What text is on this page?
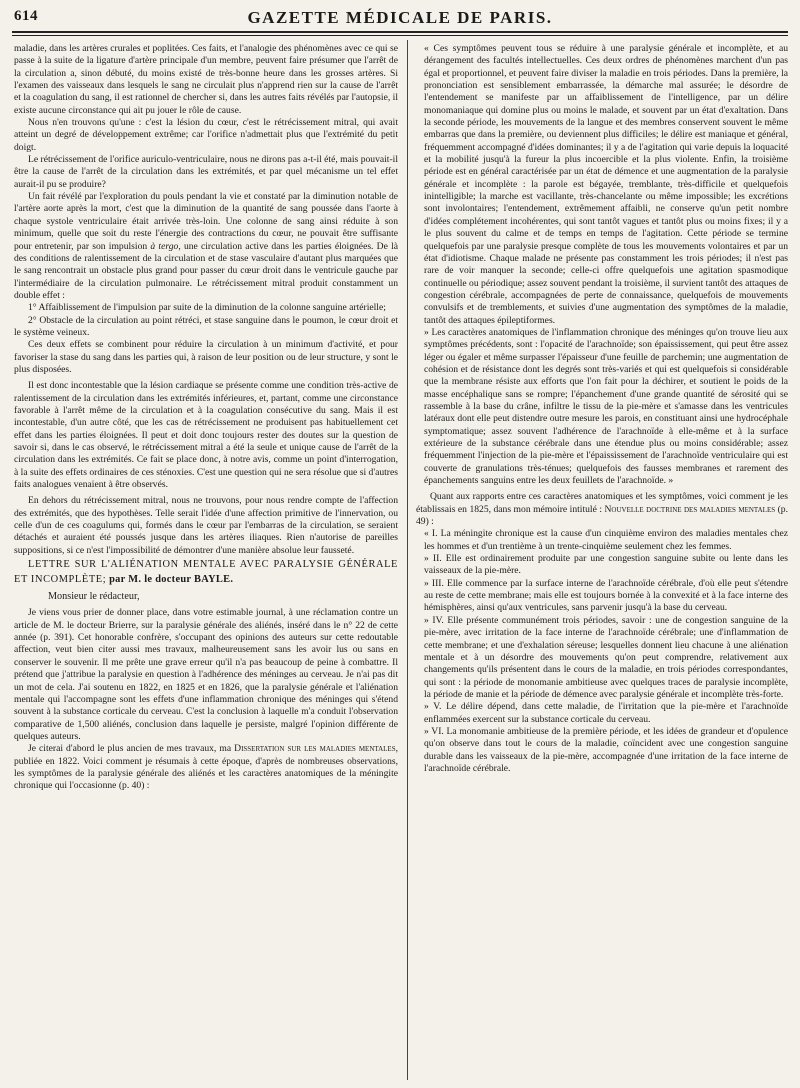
614	GAZETTE MÉDICALE DE PARIS.

maladie, dans les artères crurales et poplitées. Ces faits, et l'analogie des phénomènes avec ce qui se passe à la suite de la ligature d'artère principale d'un membre, peuvent faire présumer que l'arrêt de la circulation a, sinon débuté, du moins existé de très-bonne heure dans les grosses artères. Si l'examen des vaisseaux dans lesquels le sang ne circulait plus n'apprend rien sur la cause de l'arrêt et la coagulation du sang, il est rationnel de chercher si, dans les autres faits révélés par l'autopsie, il existe aucune circonstance qui ait pu jouer le rôle de cause.

Nous n'en trouvons qu'une : c'est la lésion du cœur, c'est le rétrécissement mitral, qui avait atteint un degré de développement extrême; car l'orifice n'admettait plus que l'extrémité du petit doigt.

Le rétrécissement de l'orifice auriculo-ventriculaire, nous ne dirons pas a-t-il été, mais pouvait-il être la cause de l'arrêt de la circulation dans les extrémités, et par quel mécanisme un tel effet aurait-il pu se produire?

Un fait révélé par l'exploration du pouls pendant la vie et constaté par la diminution notable de l'artère aorte après la mort, c'est que la diminution de la quantité de sang poussée dans l'aorte à chaque systole ventriculaire était arrivée très-loin. Une colonne de sang ainsi réduite à son minimum, quelle que soit du reste l'énergie des contractions du cœur, ne pouvait être suffisante pour entretenir, par son impulsion à tergo, une circulation active dans les parties éloignées. De là des conditions de ralentissement de la circulation et de stase vasculaire d'autant plus marquées que le sang rencontrait un obstacle plus grand pour passer du cœur droit dans le ventricule gauche par l'intermédiaire de la circulation pulmonaire. Le rétrécissement mitral produit constamment un double effet :

1° Affaiblissement de l'impulsion par suite de la diminution de la colonne sanguine artérielle;

2° Obstacle de la circulation au point rétréci, et stase sanguine dans le poumon, le cœur droit et le système veineux.

Ces deux effets se combinent pour réduire la circulation à un minimum d'activité, et pour favoriser la stase du sang dans les parties qui, à raison de leur position ou de leur structure, y sont le plus disposées.

Il est donc incontestable que la lésion cardiaque se présente comme une condition très-active de ralentissement de la circulation dans les extrémités inférieures, et, partant, comme une circonstance favorable à l'arrêt même de la circulation et à la coagulation consécutive du sang. Mais il est incontestable, d'un autre côté, que les cas de rétrécissement ne produisent pas habituellement cet effet dans les parties éloignées. Il peut et doit donc toujours rester des doutes sur la question de savoir si, dans le cas observé, le rétrécissement mitral a été la seule et unique cause de l'arrêt de la circulation dans les extrémités. Ce fait se place donc, à notre avis, comme un point d'interrogation, à la suite des effets ordinaires de ces sténoxies. C'est une question qui ne sera résolue que si d'autres faits analogues venaient à être observés.

En dehors du rétrécissement mitral, nous ne trouvons, pour nous rendre compte de l'affection des extrémités, que des hypothèses. Telle serait l'idée d'une affection primitive de l'innervation, ou celle d'un de ces coagulums qui, formés dans le cœur par l'embarras de la circulation, se seraient détachés et auraient été poussés jusque dans les artères iliaques. Rien n'autorise de pareilles suppositions, si ce n'est l'impossibilité de démontrer d'une manière absolue leur fausseté.

LETTRE SUR L'ALIÉNATION MENTALE AVEC PARALYSIE GÉNÉRALE ET INCOMPLÈTE; par M. le docteur BAYLE.

Monsieur le rédacteur,

Je viens vous prier de donner place, dans votre estimable journal, à une réclamation contre un article de M. le docteur Brierre, sur la paralysie générale des aliénés, inséré dans le n° 22 de cette année (p. 391). Cet honorable confrère, s'occupant des opinions des auteurs sur cette redoutable affection, veut bien citer aussi mes travaux, malheureusement sans les avoir lus ou sans en conserver le souvenir. Il me prête une grave erreur qu'il n'a pas beaucoup de peine à combattre. Il prétend que j'attribue la paralysie en question à l'adhérence des méninges au cerveau. Je n'ai pas dit un mot de cela. J'ai soutenu en 1822, en 1825 et en 1826, que la paralysie générale et l'aliénation mentale qui l'accompagne sont les effets d'une inflammation chronique des méninges qui s'étend souvent à la substance corticale du cerveau. C'est la conclusion à laquelle m'a conduit l'observation comparative de 1,500 aliénés, conclusion dans laquelle je persiste, malgré l'opinion différente de quelques auteurs.

Je citerai d'abord le plus ancien de mes travaux, ma Dissertation sur les maladies mentales, publiée en 1822. Voici comment je résumais à cette époque, d'après de nombreuses observations, les symptômes de la paralysie générale des aliénés et les caractères anatomiques de la méningite chronique qui l'occasionne (p. 40) :

« Ces symptômes peuvent tous se réduire à une paralysie générale et incomplète, et au dérangement des facultés intellectuelles. Ces deux ordres de phénomènes marchent d'un pas égal et proportionnel, et peuvent faire diviser la maladie en trois périodes. Dans la première, la prononciation est sensiblement embarrassée, la démarche mal assurée; le désordre de l'entendement se manifeste par un affaiblissement de l'intelligence, par un délire monomaniaque qui domine plus ou moins le malade, et souvent par un état d'exaltation. Dans la seconde période, les mouvements de la langue et des membres conservent souvent le même embarras que dans la première, ou deviennent plus difficiles; le délire est maniaque et général, fréquemment accompagné d'idées dominantes; il y a de l'agitation qui varie depuis la loquacité et la mobilité jusqu'à la fureur la plus incoercible et la plus violente. Enfin, la troisième période est en général caractérisée par un état de démence et une augmentation de la paralysie générale et incomplète : la parole est bégayée, tremblante, très-difficile et quelquefois inintelligible; la marche est vacillante, très-chancelante ou même impossible; les excrétions sont involontaires; l'entendement, extrêmement affaibli, ne conserve qu'un petit nombre d'idées complétement incohérentes, qui sont tantôt vagues et tantôt plus ou moins fixes; il y a le plus souvent du calme et de temps en temps de l'agitation. Cette période se termine quelquefois par une paralysie presque complète de tous les mouvements volontaires et par un état d'idiotisme. Chaque malade ne présente pas constamment les trois périodes; il n'est pas rare de voir manquer la seconde; celle-ci offre quelquefois une agitation spasmodique continuelle ou périodique; assez souvent pendant la troisième, il survient tantôt des attaques de congestion cérébrale, accompagnées de perte de connaissance, quelquefois de mouvements convulsifs et de tremblements, et suivies d'une augmentation des symptômes de la maladie, tantôt des attaques épileptiformes.

» Les caractères anatomiques de l'inflammation chronique des méninges qu'on trouve lieu aux symptômes précédents, sont : l'opacité de l'arachnoïde; son épaississement, qui peut être assez léger ou égaler et même surpasser l'épaisseur d'une feuille de parchemin; une augmentation de cohésion et de résistance dont les degrés sont très-variés et qui est quelquefois si considérable que la membrane résiste aux efforts que l'on fait pour la déchirer, et soutient le poids de la masse encéphalique sans se rompre; l'épanchement d'une grande quantité de sérosité qui se rassemble à la base du crâne, infiltre le tissu de la pie-mère et s'amasse dans les ventricules latéraux dont elle peut distendre outre mesure les parois, en constituant ainsi une hydrocéphale symptomatique; assez souvent l'adhérence de l'arachnoïde à elle-même et à la surface extérieure de la substance cérébrale dans une étendue plus ou moins considérable; assez fréquemment l'injection de la pie-mère et l'épaississement de l'arachnoïde ventriculaire qui est couverte de granulations très-ténues; quelquefois des fausses membranes et rarement des épanchements sanguins entre les deux feuillets de l'arachnoïde. »

Quant aux rapports entre ces caractères anatomiques et les symptômes, voici comment je les établissais en 1825, dans mon mémoire intitulé : Nouvelle doctrine des maladies mentales (p. 49) :

« I. La méningite chronique est la cause d'un cinquième environ des maladies mentales chez les hommes et d'un trentième à un trente-cinquième seulement chez les femmes.

» II. Elle est ordinairement produite par une congestion sanguine subite ou lente dans les vaisseaux de la pie-mère.

» III. Elle commence par la surface interne de l'arachnoïde cérébrale, d'où elle peut s'étendre au reste de cette membrane; mais elle est toujours bornée à la convexité et à la face interne des hémisphères, ainsi qu'aux ventricules, sans parvenir jusqu'à la base du cerveau.

» IV. Elle présente communément trois périodes, savoir : une de congestion sanguine de la pie-mère, avec irritation de la face interne de l'arachnoïde cérébrale; une d'inflammation de cette membrane; et une d'exhalation séreuse; lesquelles donnent lieu chacune à une aliénation mentale et à un désordre des mouvements qu'on peut comprendre, relativement aux changements qu'ils présentent dans le cours de la maladie, en trois périodes correspondantes, qui sont : la période de monomanie ambitieuse avec quelques traces de paralysie incomplète, la période de manie et la période de démence avec paralysie générale et incomplète très-forte.

» V. Le délire dépend, dans cette maladie, de l'irritation que la pie-mère et l'arachnoïde enflammées exercent sur la substance corticale du cerveau.

» VI. La monomanie ambitieuse de la première période, et les idées de grandeur et d'opulence qu'on observe dans tout le cours de la maladie, coïncident avec une congestion sanguine durable dans les vaisseaux de la pie-mère, accompagnée d'une irritation de la face interne de l'arachnoïde cérébrale.
